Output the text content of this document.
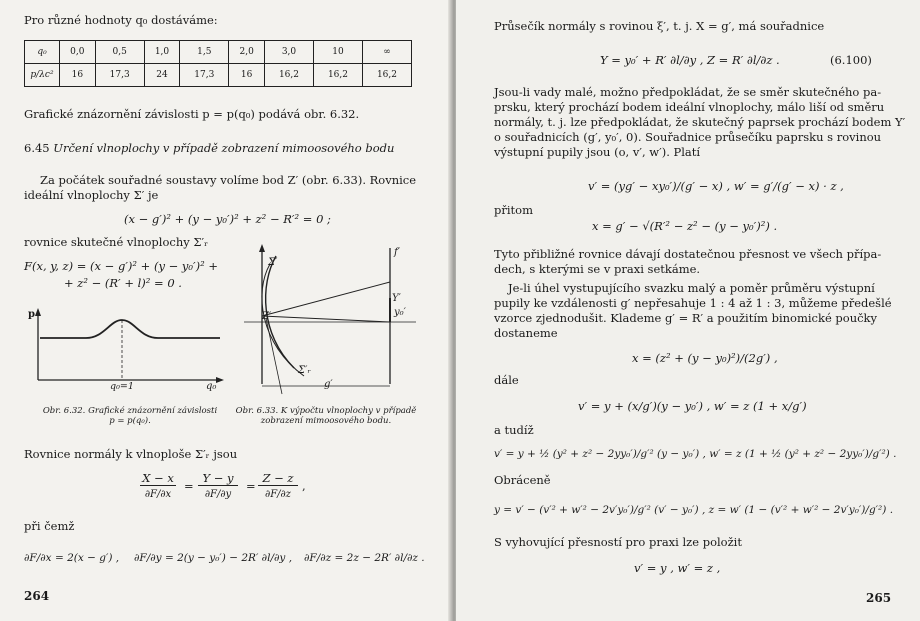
Pro různé hodnoty q₀ dostáváme:
q₀	0,0	0,5	1,0	1,5	2,0	3,0	10	∞
p/λc²	16	17,3	24	17,3	16	16,2	16,2	16,2
Grafické znázornění závislosti p = p(q₀) podává obr. 6.32.
6.45 Určení vlnoplochy v případě zobrazení mimoosového bodu
Za počátek souřadné soustavy volíme bod Z′ (obr. 6.33). Rovnice
ideální vlnoplochy Σ′ je
(x − g′)² + (y − y₀′)² + z² − R′² = 0 ;
rovnice skutečné vlnoplochy Σ′ᵣ
F(x, y, z) = (x − g′)² + (y − y₀′)² +
+ z² − (R′ + l)² = 0 .
p
q₀
q₀=1
Obr. 6.32. Grafické znázornění závislosti p = p(q₀).
Σ′
f′
Z′
Y′
y₀′
Σ′ᵣ
g′
Obr. 6.33. K výpočtu vlnoplochy v případě zobrazení mimoosového bodu.
Rovnice normály k vlnoploše Σ′ᵣ jsou
X − x
∂F/∂x
=
Y − y
∂F/∂y
=
Z − z
∂F/∂z
,
při čemž
∂F/∂x = 2(x − g′) , ∂F/∂y = 2(y − y₀′) − 2R′ ∂l/∂y , ∂F/∂z = 2z − 2R′ ∂l/∂z .
264
Průsečík normály s rovinou ξ′, t. j. X = g′, má souřadnice
Y = y₀′ + R′ ∂l/∂y , Z = R′ ∂l/∂z .	(6.100)
Jsou-li vady malé, možno předpokládat, že se směr skutečného pa-
prsku, který prochází bodem ideální vlnoplochy, málo liší od směru
normály, t. j. lze předpokládat, že skutečný paprsek prochází bodem Y′
o souřadnicích (g′, y₀′, 0). Souřadnice průsečíku paprsku s rovinou
výstupní pupily jsou (o, v′, w′). Platí
v′ = (yg′ − xy₀′)/(g′ − x) , w′ = g′/(g′ − x) · z ,
přitom
x = g′ − √(R′² − z² − (y − y₀′)²) .
Tyto přibližné rovnice dávají dostatečnou přesnost ve všech přípa-
dech, s kterými se v praxi setkáme.
Je-li úhel vystupujícího svazku malý a poměr průměru výstupní
pupily ke vzdálenosti g′ nepřesahuje 1 : 4 až 1 : 3, můžeme předešlé
vzorce zjednodušit. Klademe g′ = R′ a použitím binomické poučky
dostaneme
x = (z² + (y − y₀)²)/(2g′) ,
dále
v′ = y + (x/g′)(y − y₀′) , w′ = z (1 + x/g′)
a tudíž
v′ = y + ½ (y² + z² − 2yy₀′)/g′² (y − y₀′) , w′ = z (1 + ½ (y² + z² − 2yy₀′)/g′²) .
Obráceně
y = v′ − (v′² + w′² − 2v′y₀′)/g′² (v′ − y₀′) , z = w′ (1 − (v′² + w′² − 2v′y₀′)/g′²) .
S vyhovující přesností pro praxi lze položit
v′ = y , w′ = z ,
265
